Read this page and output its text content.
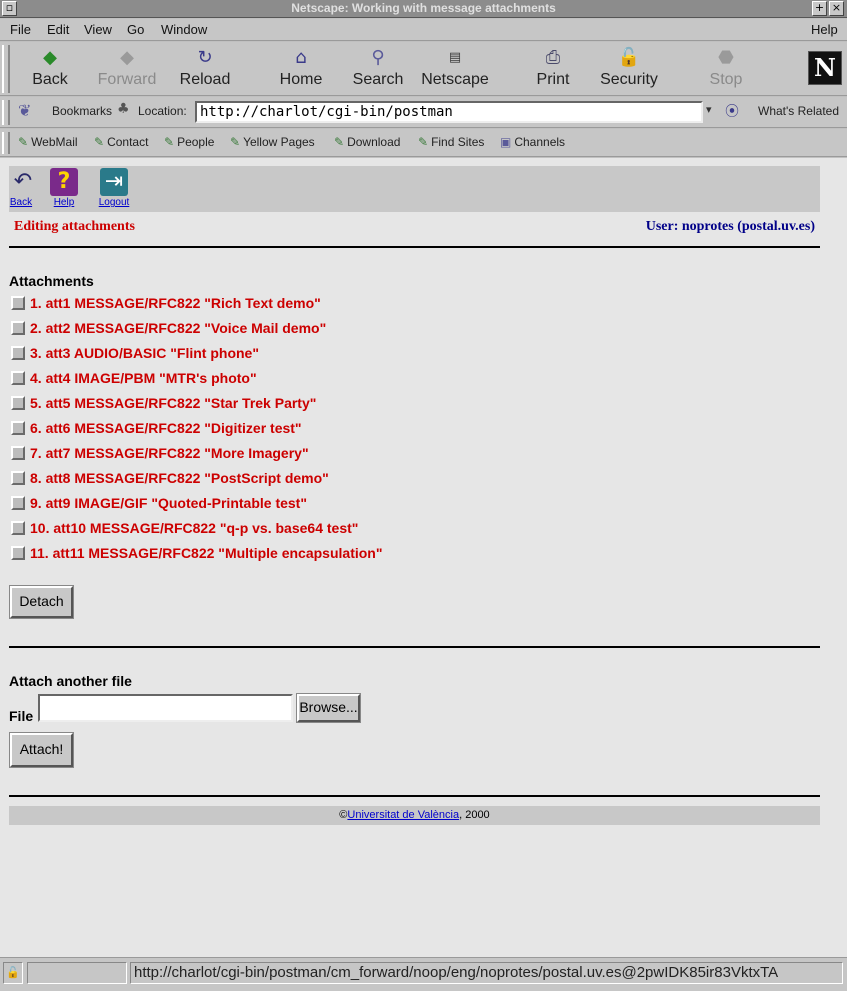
▫	Netscape: Working with message attachments	+ ×
File Edit View Go Window	Help
◆
Back
◆
Forward
↻
Reload
⌂
Home
⚲
Search
▤
Netscape
⎙
Print
🔓
Security
⬣
Stop	N
❦ Bookmarks ♣ Location: http://charlot/cgi-bin/postman	▾ ⦿ What's Related
✎ WebMail ✎ Contact ✎ People ✎ Yellow Pages ✎ Download ✎ Find Sites ▣ Channels
↶
Back
?
Help
⇥
Logout
Editing attachments	User: noprotes (postal.uv.es)
Attachments
1. att1 MESSAGE/RFC822 "Rich Text demo"
2. att2 MESSAGE/RFC822 "Voice Mail demo"
3. att3 AUDIO/BASIC "Flint phone"
4. att4 IMAGE/PBM "MTR's photo"
5. att5 MESSAGE/RFC822 "Star Trek Party"
6. att6 MESSAGE/RFC822 "Digitizer test"
7. att7 MESSAGE/RFC822 "More Imagery"
8. att8 MESSAGE/RFC822 "PostScript demo"
9. att9 IMAGE/GIF "Quoted-Printable test"
10. att10 MESSAGE/RFC822 "q-p vs. base64 test"
11. att11 MESSAGE/RFC822 "Multiple encapsulation"
Detach
Attach another file
File
Browse...
Attach!
©Universitat de València, 2000
🔓	http://charlot/cgi-bin/postman/cm_forward/noop/eng/noprotes/postal.uv.es@2pwIDK85ir83VktxTA
